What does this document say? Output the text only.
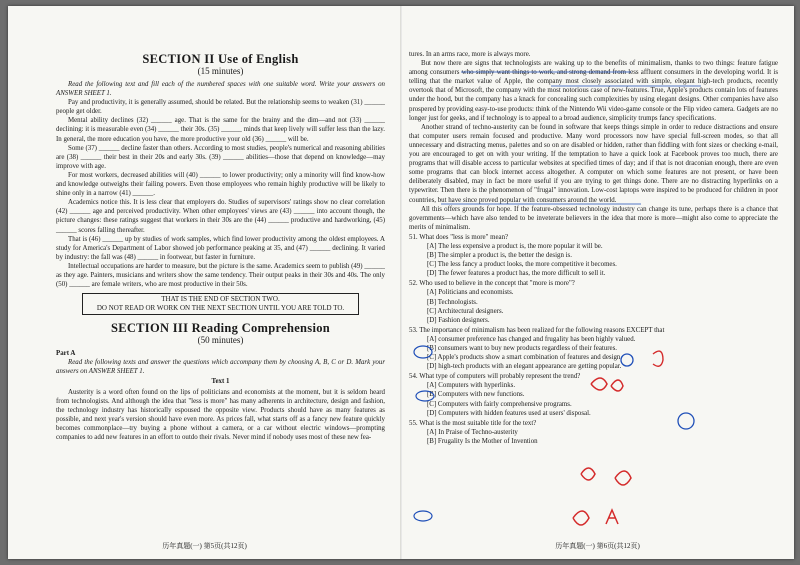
SECTION II Use of English
(15 minutes)

Read the following text and fill each of the numbered spaces with one suitable word. Write your answers on ANSWER SHEET 1.

Pay and productivity, it is generally assumed, should be related. But the relationship seems to weaken (31) ______ people get older.

Mental ability declines (32) ______ age. That is the same for the brainy and the dim—and not (33) ______ declining: it is measurable even (34) ______ their 30s. (35) ______ minds that keep lively will suffer less than the lazy. In general, the more education you have, the more productive your old (36) ______ will be.

Some (37) ______ decline faster than others. According to most studies, people's numerical and reasoning abilities are (38) ______ their best in their 20s and early 30s. (39) ______ abilities—those that depend on knowledge—may improve with age.

For most workers, decreased abilities will (40) ______ to lower productivity; only a minority will find know-how and knowledge outweighs their failing powers. Even those employees who remain highly productive will be likely to shine only in a narrow (41) ______.

Academics notice this. It is less clear that employers do. Studies of supervisors' ratings show no clear correlation (42) ______ age and perceived productivity. When other employees' views are (43) ______ into account though, the picture changes: these ratings suggest that workers in their 30s are the (44) ______ productive and hardworking, (45) ______ scores falling thereafter.

That is (46) ______ up by studies of work samples, which find lower productivity among the oldest employees. A study for America's Department of Labor showed job performance peaking at 35, and (47) ______ declining. It varied by industry: the fall was (48) ______ in footwear, but faster in furniture.

Intellectual occupations are harder to measure, but the picture is the same. Academics seem to publish (49) ______ as they age. Painters, musicians and writers show the same tendency. Their output peaks in their 30s and 40s. The only (50) ______ are female writers, who are most productive in their 50s.

THAT IS THE END OF SECTION TWO.
DO NOT READ OR WORK ON THE NEXT SECTION UNTIL YOU ARE TOLD TO.
SECTION III Reading Comprehension
(50 minutes)
Part A

Read the following texts and answer the questions which accompany them by choosing A, B, C or D. Mark your answers on ANSWER SHEET 1.

Text 1

Austerity is a word often found on the lips of politicians and economists at the moment, but it is seldom heard from technologists. And although the idea that "less is more" has many adherents in architecture, design and fashion, the technology industry has historically espoused the opposite view. Products should have as many features as possible, and next year's version should have even more. As prices fall, what starts off as a fancy new feature quickly becomes commonplace—try buying a phone without a camera, or a car without electric windows—prompting companies to add new features in an effort to outdo their rivals. Never mind if nobody uses most of these new fea-

历年真题(一) 第5页(共12页)

tures. In an arms race, more is always more.

But now there are signs that technologists are waking up to the benefits of minimalism, thanks to two things: feature fatigue among consumers who simply want things to work, and strong demand from less affluent consumers in the developing world. It is telling that the market value of Apple, the company most closely associated with simple, elegant high-tech products, recently overtook that of Microsoft, the company with the most notorious case of new-features. True, Apple's products contain lots of features under the hood, but the company has a knack for concealing such complexities by using elegant designs. Other companies have also prospered by providing easy-to-use products: think of the Nintendo Wii video-game console or the Flip video camera. Gadgets are no longer just for geeks, and if technology is to appeal to a broad audience, simplicity trumps fancy specifications.

Another strand of techno-austerity can be found in software that keeps things simple in order to reduce distractions and ensure that computer users remain focused and productive. Many word processors now have special full-screen modes, so that all unnecessary and distracting menus, palettes and so on are disabled or hidden, rather than fiddling with font sizes or checking e-mail, you are encouraged to get on with your writing. If the temptation to have a quick look at Facebook proves too much, there are programs that will disable access to particular websites at specified times of day; and if that is not draconian enough, there are even some programs that can block internet access altogether. A computer on which some features are not present, or have been deliberately disabled, may in fact be more useful if you are trying to get things done. There are no distracting hyperlinks on a typewriter. Then there is the phenomenon of "frugal" innovation. Low-cost laptops were inspired to be produced for children in poor countries, but have since proved popular with consumers around the world.

All this offers grounds for hope. If the feature-obsessed technology industry can change its tune, perhaps there is a chance that governments—which have also tended to be inveterate believers in the idea that more is more—might also come to appreciate the merits of minimalism.

51. What does "less is more" mean?
[A] The less expensive a product is, the more popular it will be.
[B] The simpler a product is, the better the design is.
[C] The less fancy a product looks, the more competitive it becomes.
[D] The fewer features a product has, the more difficult to sell it.
52. Who used to believe in the concept that "more is more"?
[A] Politicians and economists.
[B] Technologists.
[C] Architectural designers.
[D] Fashion designers.
53. The importance of minimalism has been realized for the following reasons EXCEPT that
[A] consumer preference has changed and frugality has been highly valued.
[B] consumers want to buy new products regardless of their features.
[C] Apple's products show a smart combination of features and design.
[D] high-tech products with an elegant appearance are getting popular.
54. What type of computers will probably represent the trend?
[A] Computers with hyperlinks.
[B] Computers with new functions.
[C] Computers with fairly comprehensive programs.
[D] Computers with hidden features used at users' disposal.
55. What is the most suitable title for the text?
[A] In Praise of Techno-austerity
[B] Frugality Is the Mother of Invention
历年真题(一) 第6页(共12页)
